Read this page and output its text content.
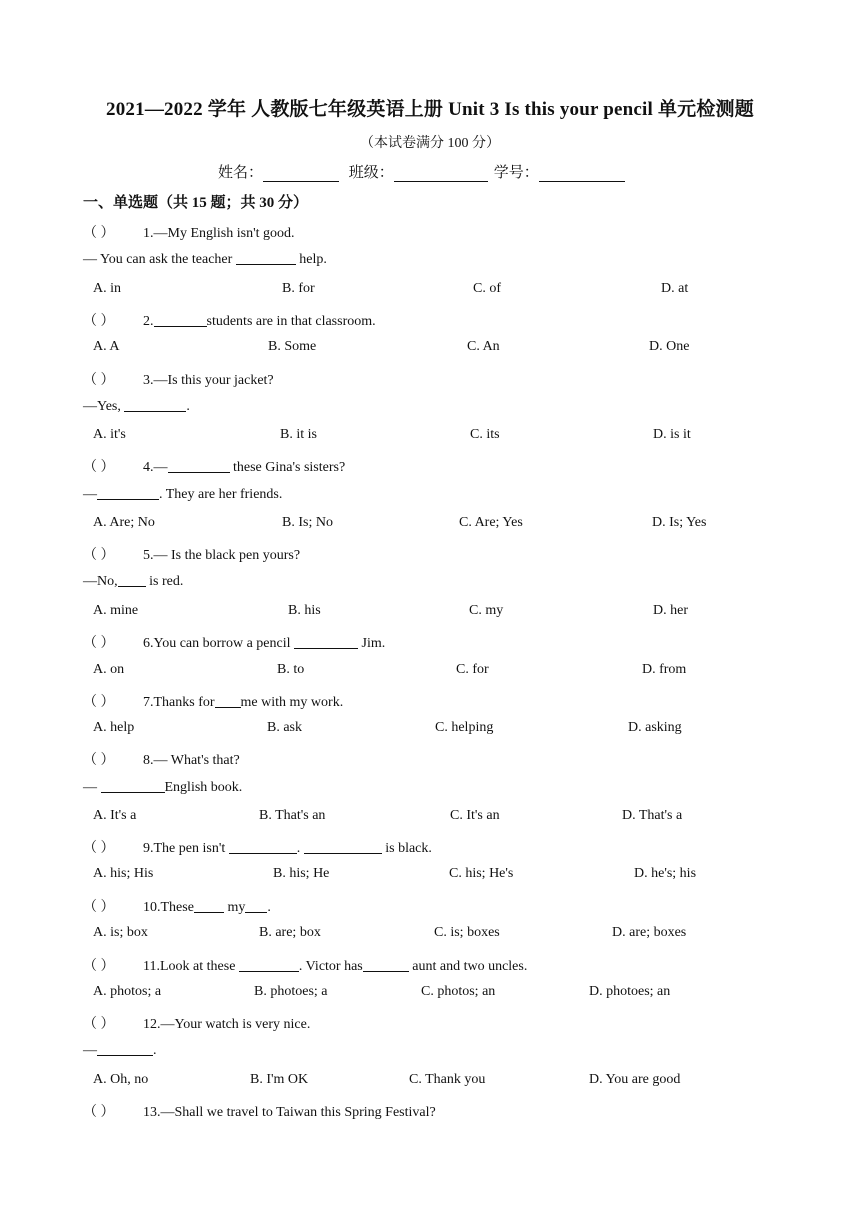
2021—2022 学年 人教版七年级英语上册 Unit 3 Is this your pencil 单元检测题
（本试卷满分 100 分）
姓名：	班级：	学号：
一、单选题（共 15 题；共 30 分）
（ ） 1.—My English isn't good.
— You can ask the teacher	help.
A. in	B. for	C. of	D. at
（ ） 2.	students are in that classroom.
A. A	B. Some	C. An	D. One
（ ） 3.—Is this your jacket?
—Yes,	.
A. it's	B. it is	C. its	D. is it
（ ） 4.—	these Gina's sisters?
—	. They are her friends.
A. Are; No	B. Is; No	C. Are; Yes	D. Is; Yes
（ ） 5.— Is the black pen yours?
—No, is red.
A. mine	B. his	C. my	D. her
（ ） 6.You can borrow a pencil	Jim.
A. on	B. to	C. for	D. from
（ ） 7.Thanks for me with my work.
A. help	B. ask	C. helping	D. asking
（ ） 8.— What's that?
—	English book.
A. It's a	B. That's an	C. It's an	D. That's a
（ ） 9.The pen isn't	.	is black.
A. his; His	B. his; He	C. his; He's	D. he's; his
（ ） 10.These my .
A. is; box	B. are; box	C. is; boxes	D. are; boxes
（ ） 11.Look at these	. Victor has	aunt and two uncles.
A. photos; a	B. photoes; a	C. photos; an	D. photoes; an
（ ） 12.—Your watch is very nice.
—	.
A. Oh, no	B. I'm OK	C. Thank you	D. You are good
（ ） 13.—Shall we travel to Taiwan this Spring Festival?
